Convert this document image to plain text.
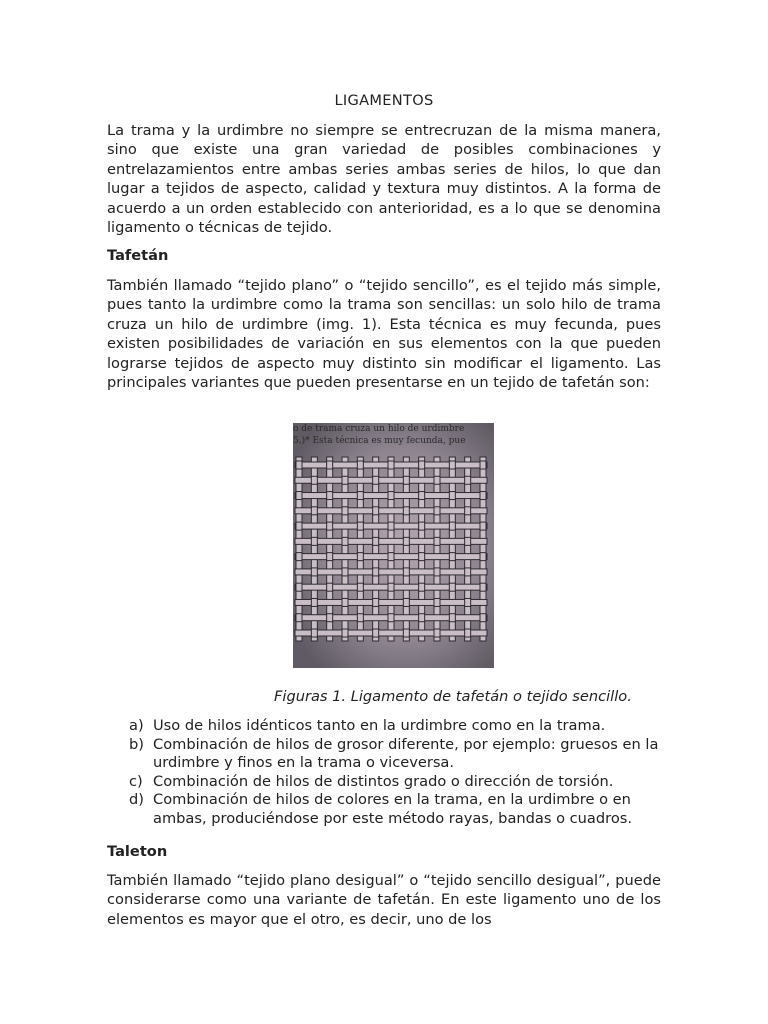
LIGAMENTOS

La trama y la urdimbre no siempre se entrecruzan de la misma manera, sino que existe una gran variedad de posibles combinaciones y entrelazamientos entre ambas series ambas series de hilos, lo que dan lugar a tejidos de aspecto, calidad y textura muy distintos. A la forma de acuerdo a un orden establecido con anterioridad, es a lo que se denomina ligamento o técnicas de tejido.

Tafetán

También llamado “tejido plano” o “tejido sencillo”, es el tejido más simple, pues tanto la urdimbre como la trama son sencillas: un solo hilo de trama cruza un hilo de urdimbre (img. 1). Esta técnica es muy fecunda, pues existen posibilidades de variación en sus elementos con la que pueden lograrse tejidos de aspecto muy distinto sin modificar el ligamento. Las principales variantes que pueden presentarse en un tejido de tafetán son:

o de trama cruza un hilo de urdimbre
5.)* Esta técnica es muy fecunda, pue
Figuras 1. Ligamento de tafetán o tejido sencillo.
a) Uso de hilos idénticos tanto en la urdimbre como en la trama.
b) Combinación de hilos de grosor diferente, por ejemplo: gruesos en la urdimbre y finos en la trama o viceversa.
c) Combinación de hilos de distintos grado o dirección de torsión.
d) Combinación de hilos de colores en la trama, en la urdimbre o en ambas, produciéndose por este método rayas, bandas o cuadros.

Taleton

También llamado “tejido plano desigual” o “tejido sencillo desigual”, puede considerarse como una variante de tafetán. En este ligamento uno de los elementos es mayor que el otro, es decir, uno de los
